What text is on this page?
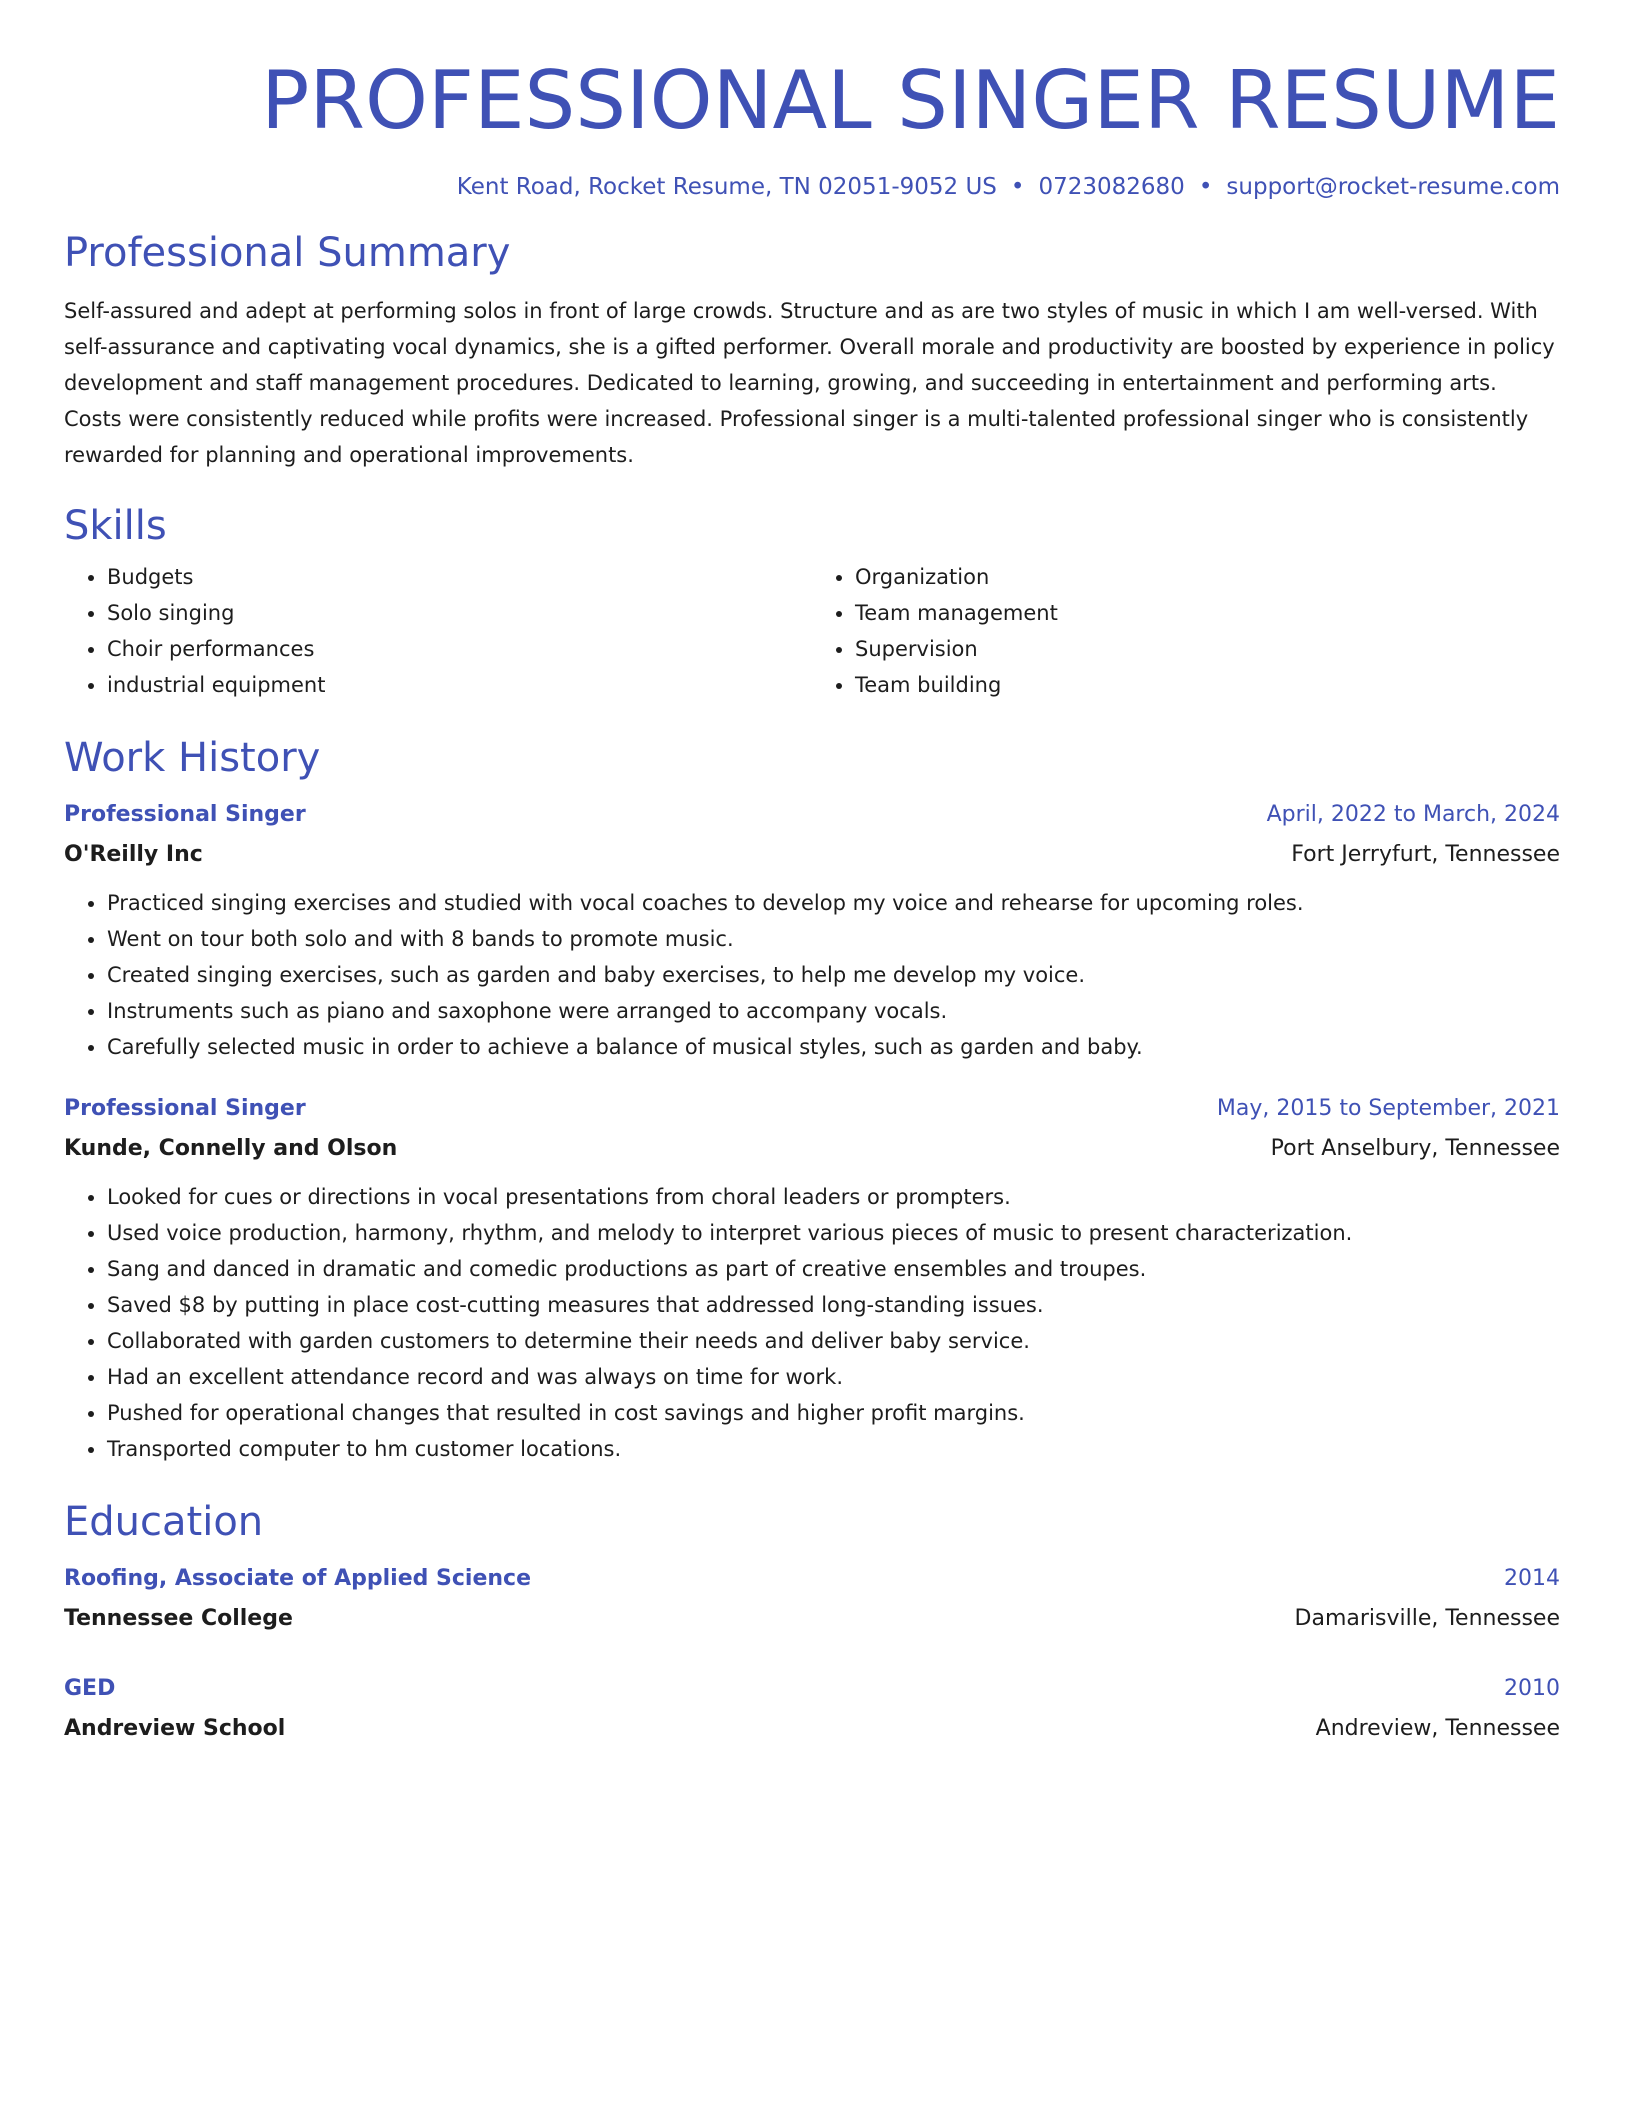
PROFESSIONAL SINGER RESUME
Kent Road, Rocket Resume, TN 02051-9052 US • 0723082680 • support@rocket-resume.com
Professional Summary

Self-assured and adept at performing solos in front of large crowds. Structure and as are two styles of music in which I am well-versed. With self-assurance and captivating vocal dynamics, she is a gifted performer. Overall morale and productivity are boosted by experience in policy development and staff management procedures. Dedicated to learning, growing, and succeeding in entertainment and performing arts. Costs were consistently reduced while profits were increased. Professional singer is a multi-talented professional singer who is consistently rewarded for planning and operational improvements.

Skills
• Budgets
• Solo singing
• Choir performances
• industrial equipment
• Organization
• Team management
• Supervision
• Team building
Work History
Professional Singer	April, 2022 to March, 2024
O'Reilly Inc	Fort Jerryfurt, Tennessee
• Practiced singing exercises and studied with vocal coaches to develop my voice and rehearse for upcoming roles.
• Went on tour both solo and with 8 bands to promote music.
• Created singing exercises, such as garden and baby exercises, to help me develop my voice.
• Instruments such as piano and saxophone were arranged to accompany vocals.
• Carefully selected music in order to achieve a balance of musical styles, such as garden and baby.
Professional Singer	May, 2015 to September, 2021
Kunde, Connelly and Olson	Port Anselbury, Tennessee
• Looked for cues or directions in vocal presentations from choral leaders or prompters.
• Used voice production, harmony, rhythm, and melody to interpret various pieces of music to present characterization.
• Sang and danced in dramatic and comedic productions as part of creative ensembles and troupes.
• Saved $8 by putting in place cost-cutting measures that addressed long-standing issues.
• Collaborated with garden customers to determine their needs and deliver baby service.
• Had an excellent attendance record and was always on time for work.
• Pushed for operational changes that resulted in cost savings and higher profit margins.
• Transported computer to hm customer locations.
Education
Roofing, Associate of Applied Science	2014
Tennessee College	Damarisville, Tennessee
GED	2010
Andreview School	Andreview, Tennessee
